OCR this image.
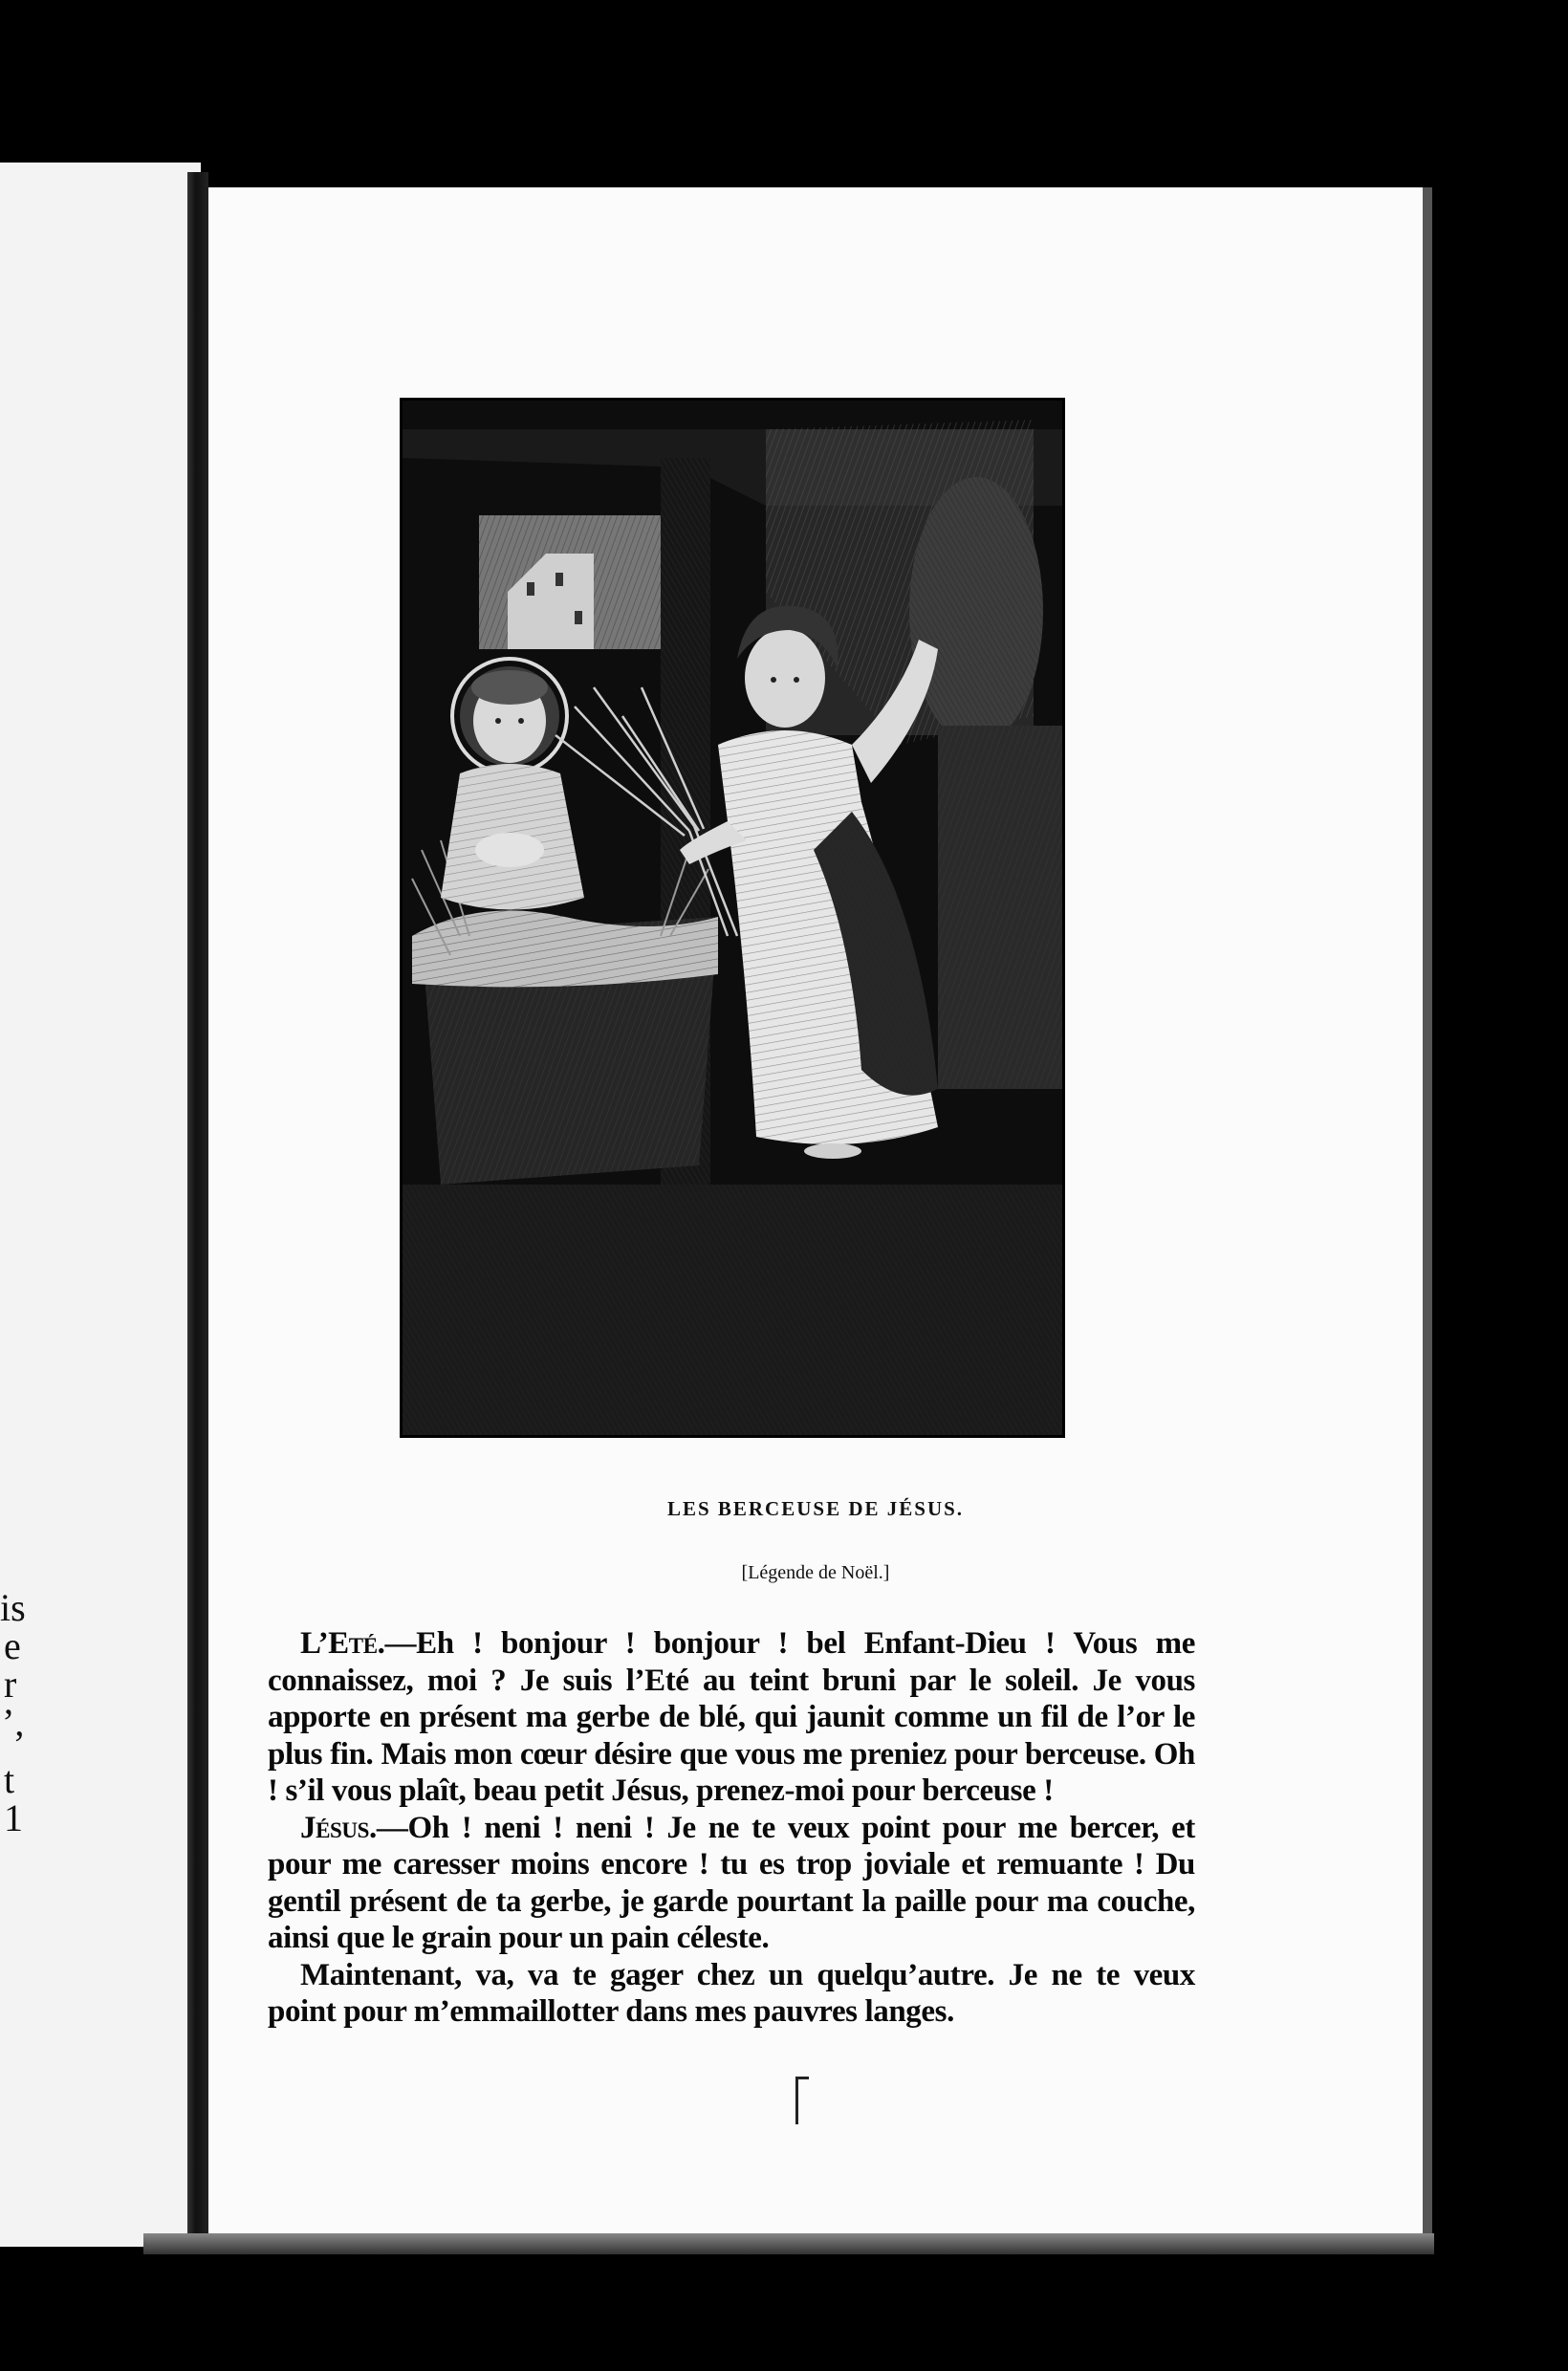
is
e
r
’,
t
1
LES BERCEUSE DE JÉSUS.
[Légende de Noël.]

L’Eté.—Eh ! bonjour ! bonjour ! bel Enfant-Dieu ! Vous me connaissez, moi ? Je suis l’Eté au teint bruni par le soleil. Je vous apporte en présent ma gerbe de blé, qui jaunit comme un fil de l’or le plus fin. Mais mon cœur désire que vous me preniez pour berceuse. Oh ! s’il vous plaît, beau petit Jésus, prenez-moi pour berceuse !

Jésus.—Oh ! neni ! neni ! Je ne te veux point pour me bercer, et pour me caresser moins encore ! tu es trop joviale et remuante ! Du gentil présent de ta gerbe, je garde pourtant la paille pour ma couche, ainsi que le grain pour un pain céleste.

Maintenant, va, va te gager chez un quelqu’autre. Je ne te veux point pour m’emmaillotter dans mes pauvres langes.
